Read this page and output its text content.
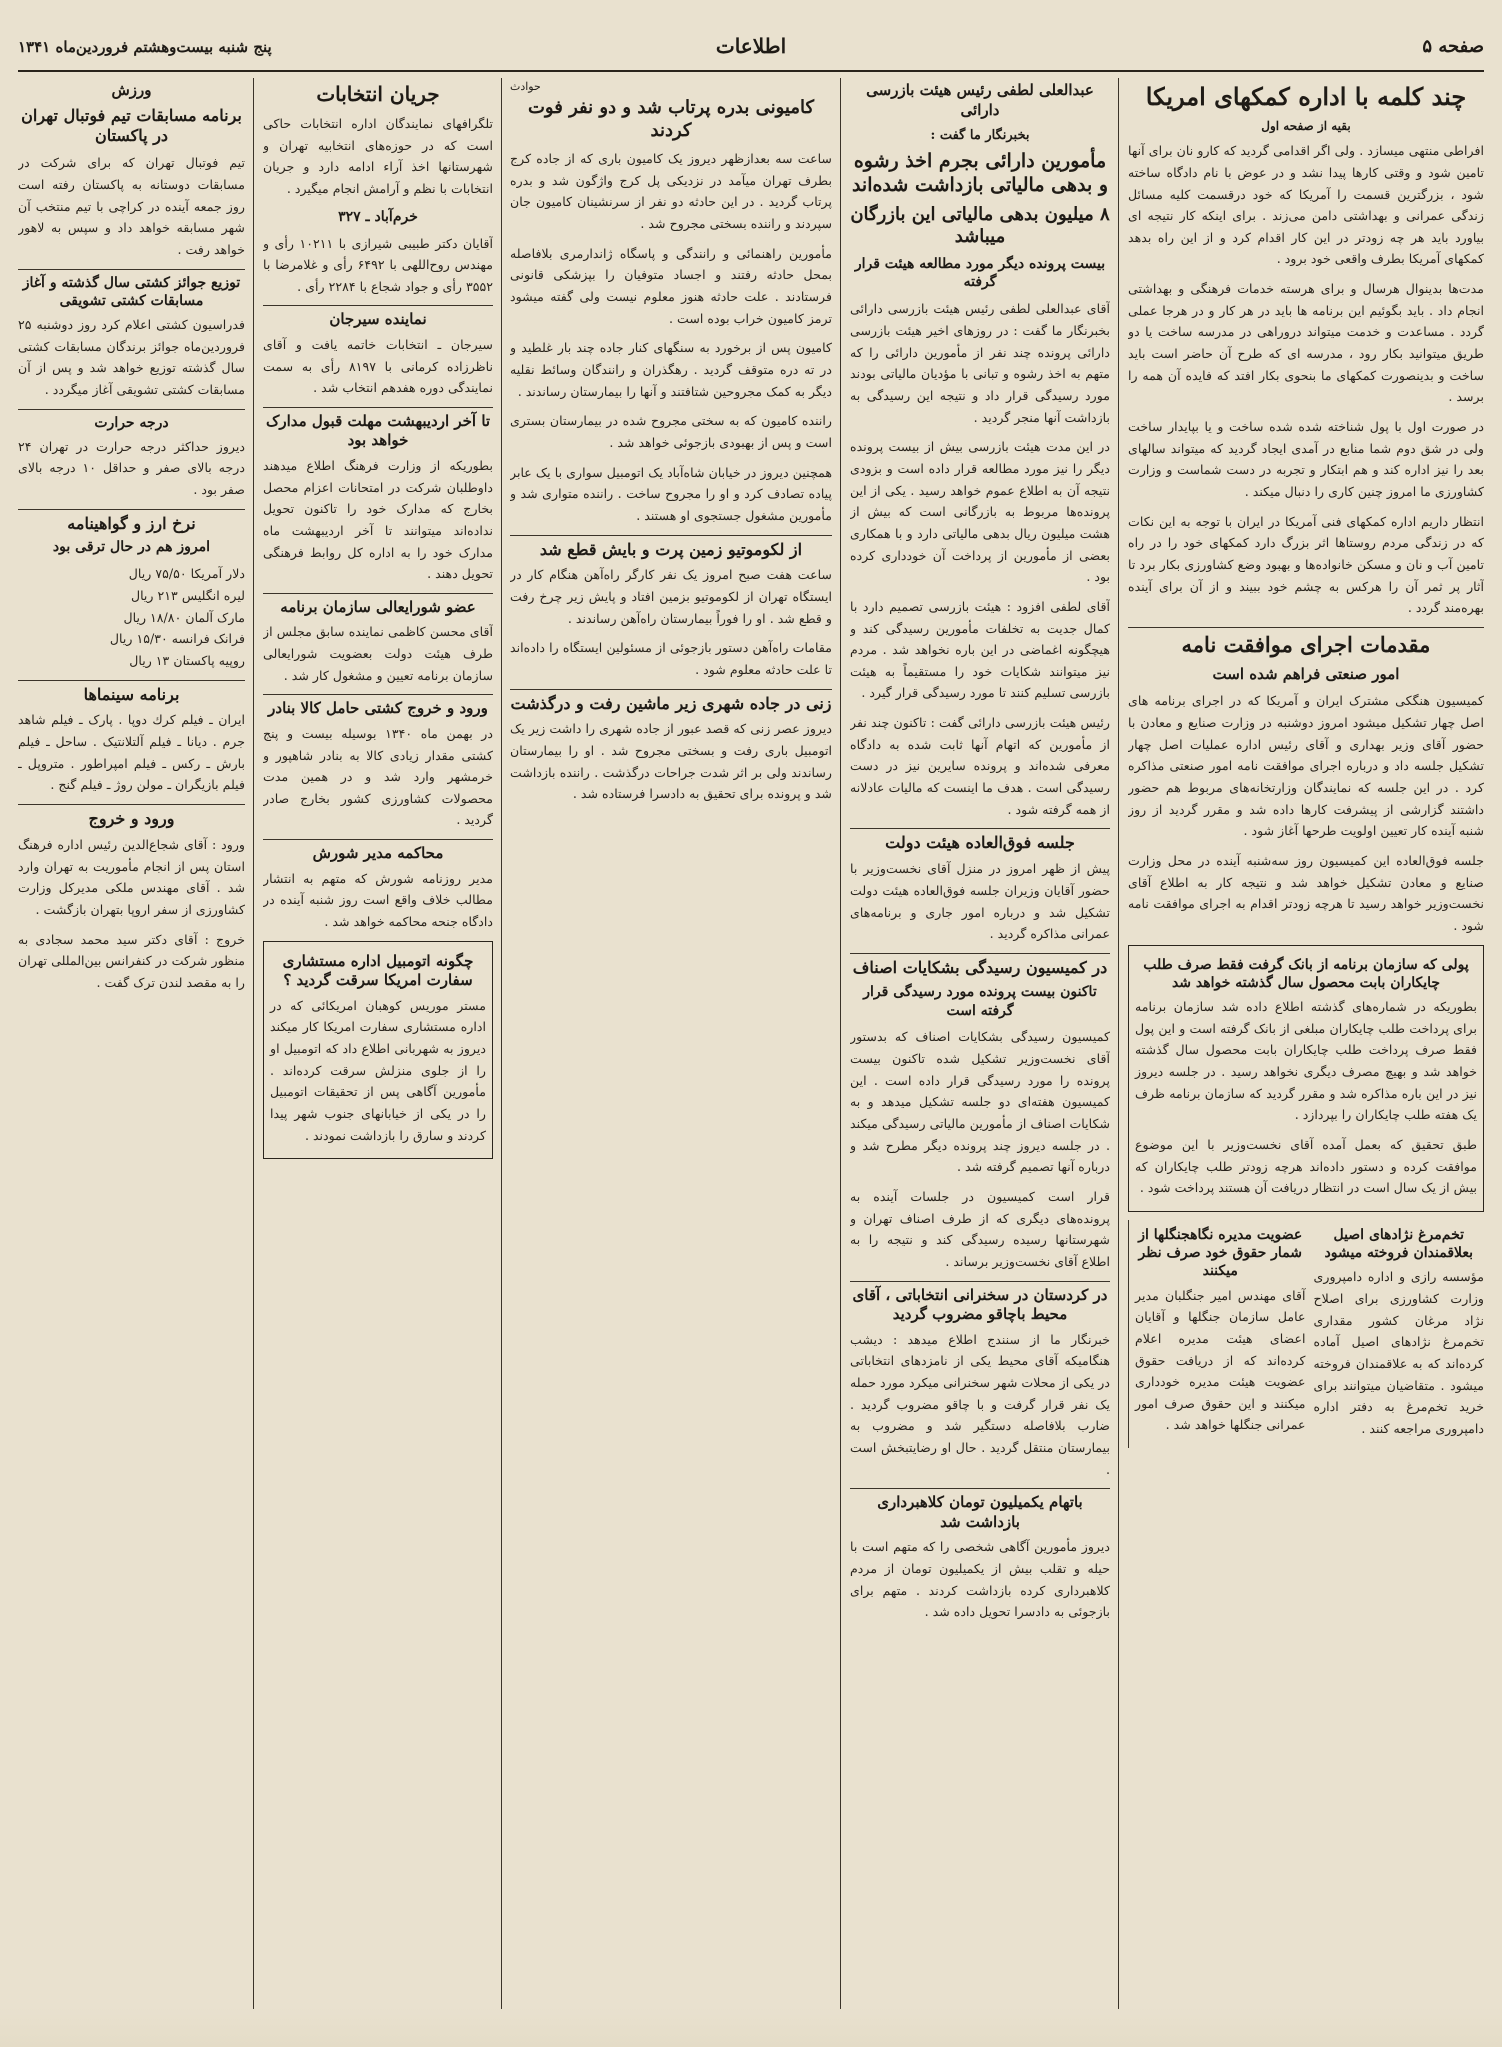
صفحه ۵
اطلاعات
پنج شنبه بیست‌وهشتم فروردین‌ماه ۱۳۴۱
چند کلمه با اداره کمکهای امریکا
بقیه از صفحه اول

افراطی منتهی میسازد . ولی اگر اقدامی گردید که کارو نان برای آنها تامین شود و وقتی کارها پیدا نشد و در عوض با نام دادگاه ساخته شود ، بزرگترین قسمت را آمریکا که خود درقسمت کلیه مسائل زندگی عمرانی و بهداشتی دامن می‌زند . برای اینکه کار نتیجه ای بیاورد باید هر چه زودتر در این کار اقدام کرد و از این راه بدهد کمکهای آمریکا بطرف واقعی خود برود .

مدت‌ها بدینوال هرسال و برای هرسته خدمات فرهنگی و بهداشتی انجام داد . باید بگوئیم این برنامه ها باید در هر کار و در هرجا عملی گردد . مساعدت و خدمت میتواند دروراهی در مدرسه ساخت یا دو طریق میتوانید بکار رود ، مدرسه ای که طرح آن حاضر است باید ساخت و بدینصورت کمکهای ما بنحوی بکار افتد که فایده آن همه را برسد .

در صورت اول با پول شناخته شده شده ساخت و یا بپایدار ساخت ولی در شق دوم شما منابع در آمدی ایجاد گردید که میتواند سالهای بعد را نیز اداره کند و هم ابتکار و تجربه در دست شماست و وزارت کشاورزی ما امروز چنین کاری را دنبال میکند .

انتظار داریم اداره کمکهای فنی آمریکا در ایران با توجه به این نکات که در زندگی مردم روستاها اثر بزرگ دارد کمکهای خود را در راه تامین آب و نان و مسکن خانواده‌ها و بهبود وضع کشاورزی بکار برد تا آثار پر ثمر آن را هرکس به چشم خود ببیند و از آن برای آینده بهره‌مند گردد .

مقدمات اجرای موافقت نامه
امور صنعتی فراهم شده است

کمیسیون هنگکی مشترک ایران و آمریکا که در اجرای برنامه های اصل چهار تشکیل میشود امروز دوشنبه در وزارت صنایع و معادن با حضور آقای وزیر بهداری و آقای رئیس اداره عملیات اصل چهار تشکیل جلسه داد و درباره اجرای موافقت نامه امور صنعتی مذاکره کرد . در این جلسه که نمایندگان وزارتخانه‌های مربوط هم حضور داشتند گزارشی از پیشرفت کارها داده شد و مقرر گردید از روز شنبه آینده کار تعیین اولویت طرحها آغاز شود .

جلسه فوق‌العاده این کمیسیون روز سه‌شنبه آینده در محل وزارت صنایع و معادن تشکیل خواهد شد و نتیجه کار به اطلاع آقای نخست‌وزیر خواهد رسید تا هرچه زودتر اقدام به اجرای موافقت نامه شود .

پولی که سازمان برنامه از بانک گرفت فقط صرف طلب چایکاران بابت محصول سال گذشته خواهد شد

بطوریکه در شماره‌های گذشته اطلاع داده شد سازمان برنامه برای پرداخت طلب چایکاران مبلغی از بانک گرفته است و این پول فقط صرف پرداخت طلب چایکاران بابت محصول سال گذشته خواهد شد و بهیچ مصرف دیگری نخواهد رسید . در جلسه دیروز نیز در این باره مذاکره شد و مقرر گردید که سازمان برنامه ظرف یک هفته طلب چایکاران را بپردازد .

طبق تحقیق که بعمل آمده آقای نخست‌وزیر با این موضوع موافقت کرده و دستور داده‌اند هرچه زودتر طلب چایکاران که بیش از یک سال است در انتظار دریافت آن هستند پرداخت شود .

تخم‌مرغ نژادهای اصیل بعلاقمندان فروخته میشود

مؤسسه رازی و اداره دامپروری وزارت کشاورزی برای اصلاح نژاد مرغان کشور مقداری تخم‌مرغ نژادهای اصیل آماده کرده‌اند که به علاقمندان فروخته میشود . متقاضیان میتوانند برای خرید تخم‌مرغ به دفتر اداره دامپروری مراجعه کنند .

عضویت مدیره نگاهجنگلها از شمار حقوق خود صرف نظر میکنند

آقای مهندس امیر جنگلبان مدیر عامل سازمان جنگلها و آقایان اعضای هیئت مدیره اعلام کرده‌اند که از دریافت حقوق عضویت هیئت مدیره خودداری میکنند و این حقوق صرف امور عمرانی جنگلها خواهد شد .

عبدالعلی لطفی رئیس هیئت بازرسی دارائی
بخبرنگار ما گفت :
مأمورین دارائی بجرم اخذ رشوه و بدهی مالیاتی بازداشت شده‌اند
۸ میلیون بدهی مالیاتی این بازرگان میباشد
بیست پرونده دیگر مورد مطالعه هیئت قرار گرفته

آقای عبدالعلی لطفی رئیس هیئت بازرسی دارائی بخبرنگار ما گفت : در روزهای اخیر هیئت بازرسی دارائی پرونده چند نفر از مأمورین دارائی را که متهم به اخذ رشوه و تبانی با مؤدیان مالیاتی بودند مورد رسیدگی قرار داد و نتیجه این رسیدگی به بازداشت آنها منجر گردید .

در این مدت هیئت بازرسی بیش از بیست پرونده دیگر را نیز مورد مطالعه قرار داده است و بزودی نتیجه آن به اطلاع عموم خواهد رسید . یکی از این پرونده‌ها مربوط به بازرگانی است که بیش از هشت میلیون ریال بدهی مالیاتی دارد و با همکاری بعضی از مأمورین از پرداخت آن خودداری کرده بود .

آقای لطفی افزود : هیئت بازرسی تصمیم دارد با کمال جدیت به تخلفات مأمورین رسیدگی کند و هیچگونه اغماضی در این باره نخواهد شد . مردم نیز میتوانند شکایات خود را مستقیماً به هیئت بازرسی تسلیم کنند تا مورد رسیدگی قرار گیرد .

رئیس هیئت بازرسی دارائی گفت : تاکنون چند نفر از مأمورین که اتهام آنها ثابت شده به دادگاه معرفی شده‌اند و پرونده سایرین نیز در دست رسیدگی است . هدف ما اینست که مالیات عادلانه از همه گرفته شود .

جلسه فوق‌العاده هیئت دولت

پیش از ظهر امروز در منزل آقای نخست‌وزیر با حضور آقایان وزیران جلسه فوق‌العاده هیئت دولت تشکیل شد و درباره امور جاری و برنامه‌های عمرانی مذاکره گردید .

در کمیسیون رسیدگی بشکایات اصناف
تاکنون بیست پرونده مورد رسیدگی قرار گرفته است

کمیسیون رسیدگی بشکایات اصناف که بدستور آقای نخست‌وزیر تشکیل شده تاکنون بیست پرونده را مورد رسیدگی قرار داده است . این کمیسیون هفته‌ای دو جلسه تشکیل میدهد و به شکایات اصناف از مأمورین مالیاتی رسیدگی میکند . در جلسه دیروز چند پرونده دیگر مطرح شد و درباره آنها تصمیم گرفته شد .

قرار است کمیسیون در جلسات آینده به پرونده‌های دیگری که از طرف اصناف تهران و شهرستانها رسیده رسیدگی کند و نتیجه را به اطلاع آقای نخست‌وزیر برساند .

در کردستان در سخنرانی انتخاباتی ، آقای محیط باچاقو مضروب گردید

خبرنگار ما از سنندج اطلاع میدهد : دیشب هنگامیکه آقای محیط یکی از نامزدهای انتخاباتی در یکی از محلات شهر سخنرانی میکرد مورد حمله یک نفر قرار گرفت و با چاقو مضروب گردید . ضارب بلافاصله دستگیر شد و مضروب به بیمارستان منتقل گردید . حال او رضایتبخش است .

باتهام یکمیلیون تومان کلاهبرداری بازداشت شد

دیروز مأمورین آگاهی شخصی را که متهم است با حیله و تقلب بیش از یکمیلیون تومان از مردم کلاهبرداری کرده بازداشت کردند . متهم برای بازجوئی به دادسرا تحویل داده شد .

حوادث
کامیونی بدره پرتاب شد و دو نفر فوت کردند

ساعت سه بعدازظهر دیروز یک کامیون باری که از جاده کرج بطرف تهران میآمد در نزدیکی پل کرج واژگون شد و بدره پرتاب گردید . در این حادثه دو نفر از سرنشینان کامیون جان سپردند و راننده بسختی مجروح شد .

مأمورین راهنمائی و رانندگی و پاسگاه ژاندارمری بلافاصله بمحل حادثه رفتند و اجساد متوفیان را بپزشکی قانونی فرستادند . علت حادثه هنوز معلوم نیست ولی گفته میشود ترمز کامیون خراب بوده است .

کامیون پس از برخورد به سنگهای کنار جاده چند بار غلطید و در ته دره متوقف گردید . رهگذران و رانندگان وسائط نقلیه دیگر به کمک مجروحین شتافتند و آنها را بیمارستان رساندند .

راننده کامیون که به سختی مجروح شده در بیمارستان بستری است و پس از بهبودی بازجوئی خواهد شد .

همچنین دیروز در خیابان شاه‌آباد یک اتومبیل سواری با یک عابر پیاده تصادف کرد و او را مجروح ساخت . راننده متواری شد و مأمورین مشغول جستجوی او هستند .

از لکوموتیو زمین پرت و بایش قطع شد

ساعت هفت صبح امروز یک نفر کارگر راه‌آهن هنگام کار در ایستگاه تهران از لکوموتیو بزمین افتاد و پایش زیر چرخ رفت و قطع شد . او را فوراً بیمارستان راه‌آهن رساندند .

مقامات راه‌آهن دستور بازجوئی از مسئولین ایستگاه را داده‌اند تا علت حادثه معلوم شود .

زنی در جاده شهری زیر ماشین رفت و درگذشت

دیروز عصر زنی که قصد عبور از جاده شهری را داشت زیر یک اتومبیل باری رفت و بسختی مجروح شد . او را بیمارستان رساندند ولی بر اثر شدت جراحات درگذشت . راننده بازداشت شد و پرونده برای تحقیق به دادسرا فرستاده شد .

جریان انتخابات

تلگرافهای نمایندگان اداره انتخابات حاکی است که در حوزه‌های انتخابیه تهران و شهرستانها اخذ آراء ادامه دارد و جریان انتخابات با نظم و آرامش انجام میگیرد .

خرم‌آباد ـ ۳۲۷

آقایان دکتر طبیبی شیرازی با ۱۰۲۱۱ رأی و مهندس روح‌اللهی با ۶۴۹۲ رأی و غلامرضا با ۳۵۵۲ رأی و جواد شجاع با ۲۲۸۴ رأی .

نماینده سیرجان

سیرجان ـ انتخابات خاتمه یافت و آقای ناظرزاده کرمانی با ۸۱۹۷ رأی به سمت نمایندگی دوره هفدهم انتخاب شد .

تا آخر اردیبهشت مهلت قبول مدارک خواهد بود

بطوریکه از وزارت فرهنگ اطلاع میدهند داوطلبان شرکت در امتحانات اعزام محصل بخارج که مدارک خود را تاکنون تحویل نداده‌اند میتوانند تا آخر اردیبهشت ماه مدارک خود را به اداره کل روابط فرهنگی تحویل دهند .

عضو شورایعالی سازمان برنامه

آقای محسن کاظمی نماینده سابق مجلس از طرف هیئت دولت بعضویت شورایعالی سازمان برنامه تعیین و مشغول کار شد .

ورود و خروج کشتی حامل کالا بنادر

در بهمن ماه ۱۳۴۰ بوسیله بیست و پنج کشتی مقدار زیادی کالا به بنادر شاهپور و خرمشهر وارد شد و در همین مدت محصولات کشاورزی کشور بخارج صادر گردید .

محاکمه مدیر شورش

مدیر روزنامه شورش که متهم به انتشار مطالب خلاف واقع است روز شنبه آینده در دادگاه جنحه محاکمه خواهد شد .

چگونه اتومبیل اداره مستشاری سفارت امریکا سرقت گردید ؟

مستر موریس کوهبان امریکائی که در اداره مستشاری سفارت امریکا کار میکند دیروز به شهربانی اطلاع داد که اتومبیل او را از جلوی منزلش سرقت کرده‌اند . مأمورین آگاهی پس از تحقیقات اتومبیل را در یکی از خیابانهای جنوب شهر پیدا کردند و سارق را بازداشت نمودند .

ورزش
برنامه مسابقات تیم فوتبال تهران در پاکستان

تیم فوتبال تهران که برای شرکت در مسابقات دوستانه به پاکستان رفته است روز جمعه آینده در کراچی با تیم منتخب آن شهر مسابقه خواهد داد و سپس به لاهور خواهد رفت .

توزیع جوائز کشتی سال گذشته و آغاز مسابقات کشتی تشویقی

فدراسیون کشتی اعلام کرد روز دوشنبه ۲۵ فروردین‌ماه جوائز برندگان مسابقات کشتی سال گذشته توزیع خواهد شد و پس از آن مسابقات کشتی تشویقی آغاز میگردد .

درجه حرارت

دیروز حداکثر درجه حرارت در تهران ۲۴ درجه بالای صفر و حداقل ۱۰ درجه بالای صفر بود .

نرخ ارز و گواهینامه
امروز هم در حال ترقی بود
دلار آمریکا ۷۵/۵۰ ریال
لیره انگلیس ۲۱۳ ریال
مارک آلمان ۱۸/۸۰ ریال
فرانک فرانسه ۱۵/۳۰ ریال
روپیه پاکستان ۱۳ ریال
برنامه سینماها

ایران ـ فیلم کرك دوپا . پارک ـ فیلم شاهد جرم . دیانا ـ فیلم آلتلانتیک . ساحل ـ فیلم بارش ـ رکس ـ فیلم امپراطور . متروپل ـ فیلم بازیگران ـ مولن روژ ـ فیلم گنج .

ورود و خروج

ورود : آقای شجاع‌الدین رئیس اداره فرهنگ استان پس از انجام مأموریت به تهران وارد شد . آقای مهندس ملکی مدیرکل وزارت کشاورزی از سفر اروپا بتهران بازگشت .

خروج : آقای دکتر سید محمد سجادی به منظور شرکت در کنفرانس بین‌المللی تهران را به مقصد لندن ترک گفت .
